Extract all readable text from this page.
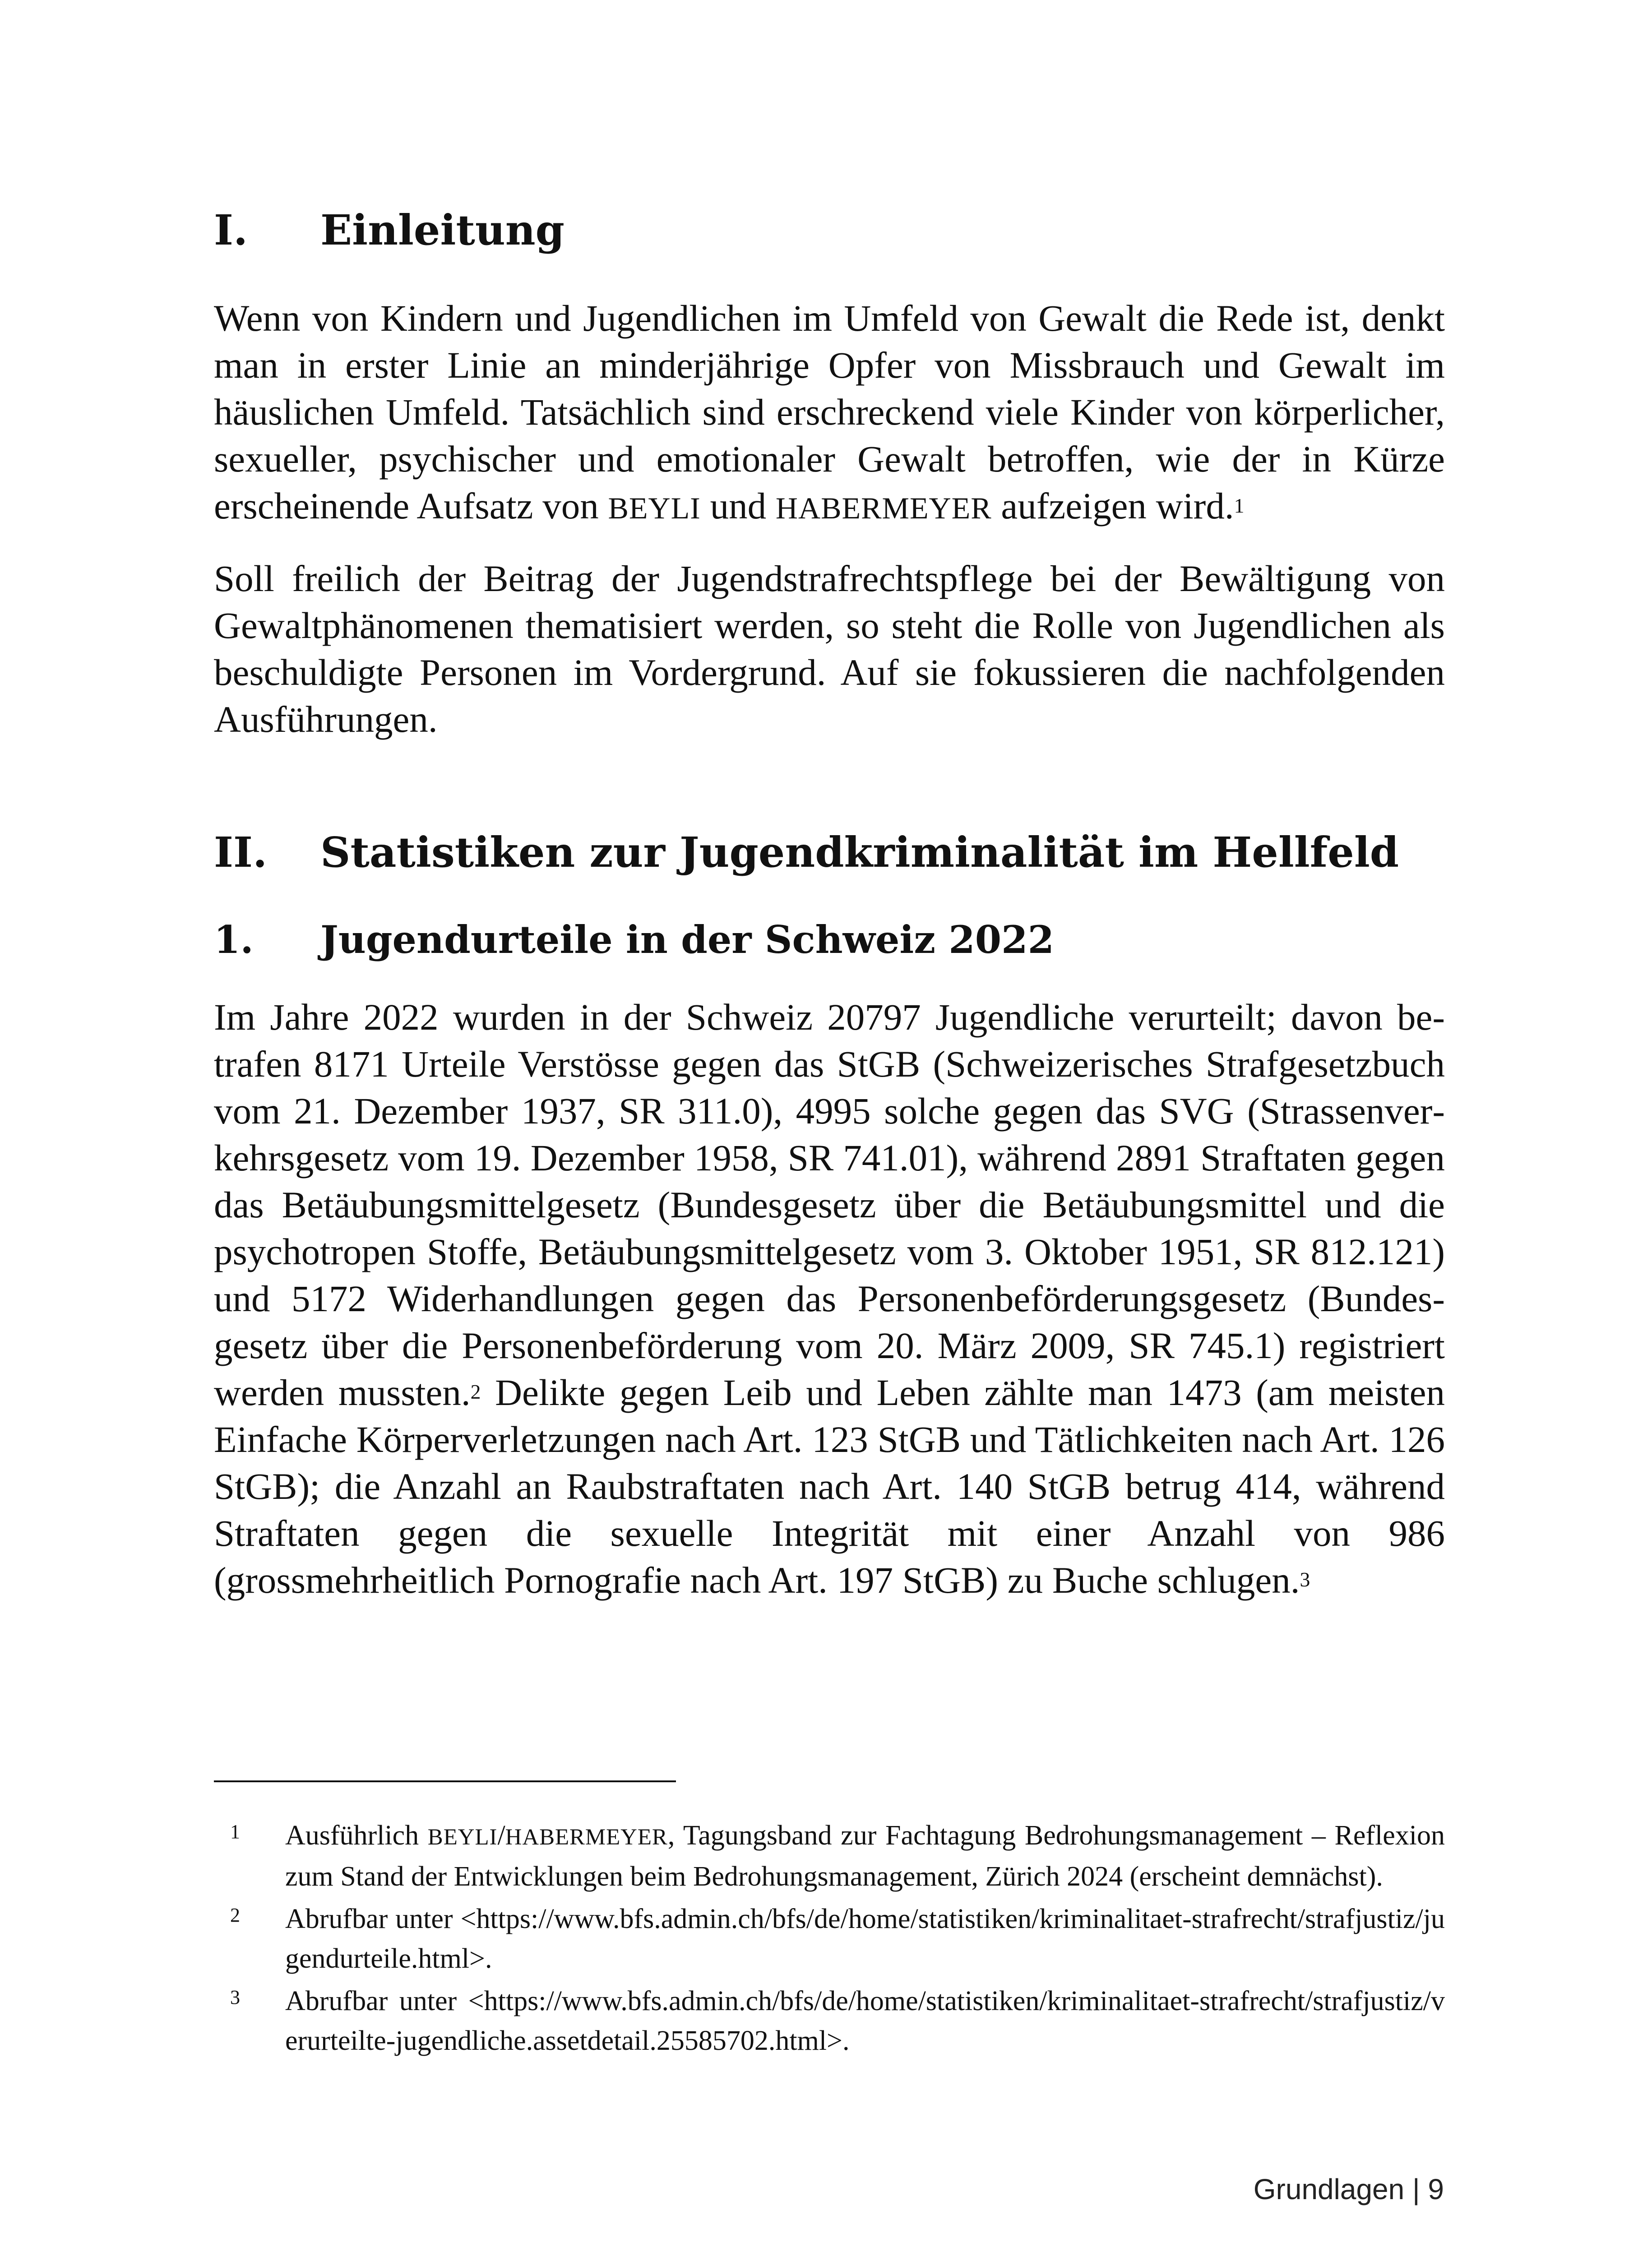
I.	Einleitung

Wenn von Kindern und Jugendlichen im Umfeld von Gewalt die Rede ist, denkt man in erster Linie an minderjährige Opfer von Missbrauch und Gewalt im häuslichen Umfeld. Tatsächlich sind erschreckend viele Kinder von körperlicher, sexueller, psychischer und emotionaler Gewalt betroffen, wie der in Kürze erscheinende Aufsatz von BEYLI und HABERMEYER aufzeigen wird.$^1$

Soll freilich der Beitrag der Jugendstrafrechtspflege bei der Bewältigung von Gewaltphänomenen thematisiert werden, so steht die Rolle von Jugendlichen als beschuldigte Personen im Vordergrund. Auf sie fokussieren die nachfolgenden Ausführungen.

II.	Statistiken zur Jugendkriminalität im Hellfeld
1.	Jugendurteile in der Schweiz 2022

Im Jahre 2022 wurden in der Schweiz 20797 Jugendliche verurteilt; davon betrafen 8171 Urteile Verstösse gegen das StGB (Schweizerisches Strafgesetzbuch vom 21. Dezember 1937, SR 311.0), 4995 solche gegen das SVG (Strassenverkehrsgesetz vom 19. Dezember 1958, SR 741.01), während 2891 Straftaten gegen das Betäubungsmittelgesetz (Bundesgesetz über die Betäubungsmittel und die psychotropen Stoffe, Betäubungsmittelgesetz vom 3. Oktober 1951, SR 812.121) und 5172 Widerhandlungen gegen das Personenbeförderungsgesetz (Bundesgesetz über die Personenbeförderung vom 20. März 2009, SR 745.1) registriert werden mussten.$^2$ Delikte gegen Leib und Leben zählte man 1473 (am meisten Einfache Körperverletzungen nach Art. 123 StGB und Tätlichkeiten nach Art. 126 StGB); die Anzahl an Raubstraftaten nach Art. 140 StGB betrug 414, während Straftaten gegen die sexuelle Integrität mit einer Anzahl von 986 (grossmehrheitlich Pornografie nach Art. 197 StGB) zu Buche schlugen.$^3$

1 Ausführlich BEYLI/HABERMEYER, Tagungsband zur Fachtagung Bedrohungsmanagement – Reflexion zum Stand der Entwicklungen beim Bedrohungsmanagement, Zürich 2024 (erscheint demnächst).
2 Abrufbar unter <https://www.bfs.admin.ch/bfs/de/home/statistiken/kriminalitaet-strafrecht/strafjustiz/jugendurteile.html>.
3 Abrufbar unter <https://www.bfs.admin.ch/bfs/de/home/statistiken/kriminalitaet-strafrecht/strafjustiz/verurteilte-jugendliche.assetdetail.25585702.html>.
Grundlagen | 9
